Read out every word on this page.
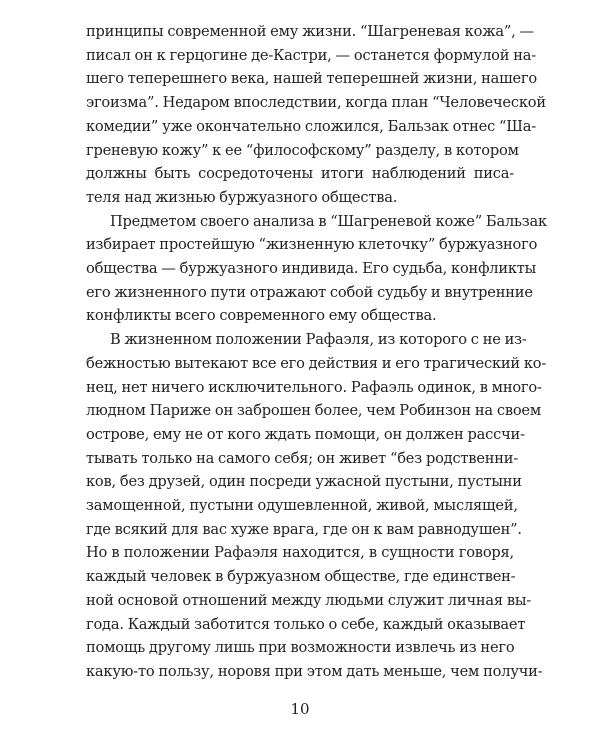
принципы современной ему жизни. “Шагреневая кожа”, —
писал он к герцогине де-Кастри, — останется формулой на-
шего теперешнего века, нашей теперешней жизни, нашего
эгоизма”. Недаром впоследствии, когда план “Человеческой
комедии” уже окончательно сложился, Бальзак отнес “Ша-
греневую кожу” к ее “философскому” разделу, в котором
должны быть сосредоточены итоги наблюдений писа-
теля над жизнью буржуазного общества.
Предметом своего анализа в “Шагреневой коже” Бальзак
избирает простейшую “жизненную клеточку” буржуазного
общества — буржуазного индивида. Его судьба, конфликты
его жизненного пути отражают собой судьбу и внутренние
конфликты всего современного ему общества.
В жизненном положении Рафаэля, из которого с не из-
бежностью вытекают все его действия и его трагический ко-
нец, нет ничего исключительного. Рафаэль одинок, в много-
людном Париже он заброшен более, чем Робинзон на своем
острове, ему не от кого ждать помощи, он должен рассчи-
тывать только на самого себя; он живет “без родственни-
ков, без друзей, один посреди ужасной пустыни, пустыни
замощенной, пустыни одушевленной, живой, мыслящей,
где всякий для вас хуже врага, где он к вам равнодушен”.
Но в положении Рафаэля находится, в сущности говоря,
каждый человек в буржуазном обществе, где единствен-
ной основой отношений между людьми служит личная вы-
года. Каждый заботится только о себе, каждый оказывает
помощь другому лишь при возможности извлечь из него
какую-то пользу, норовя при этом дать меньше, чем получи-
10
